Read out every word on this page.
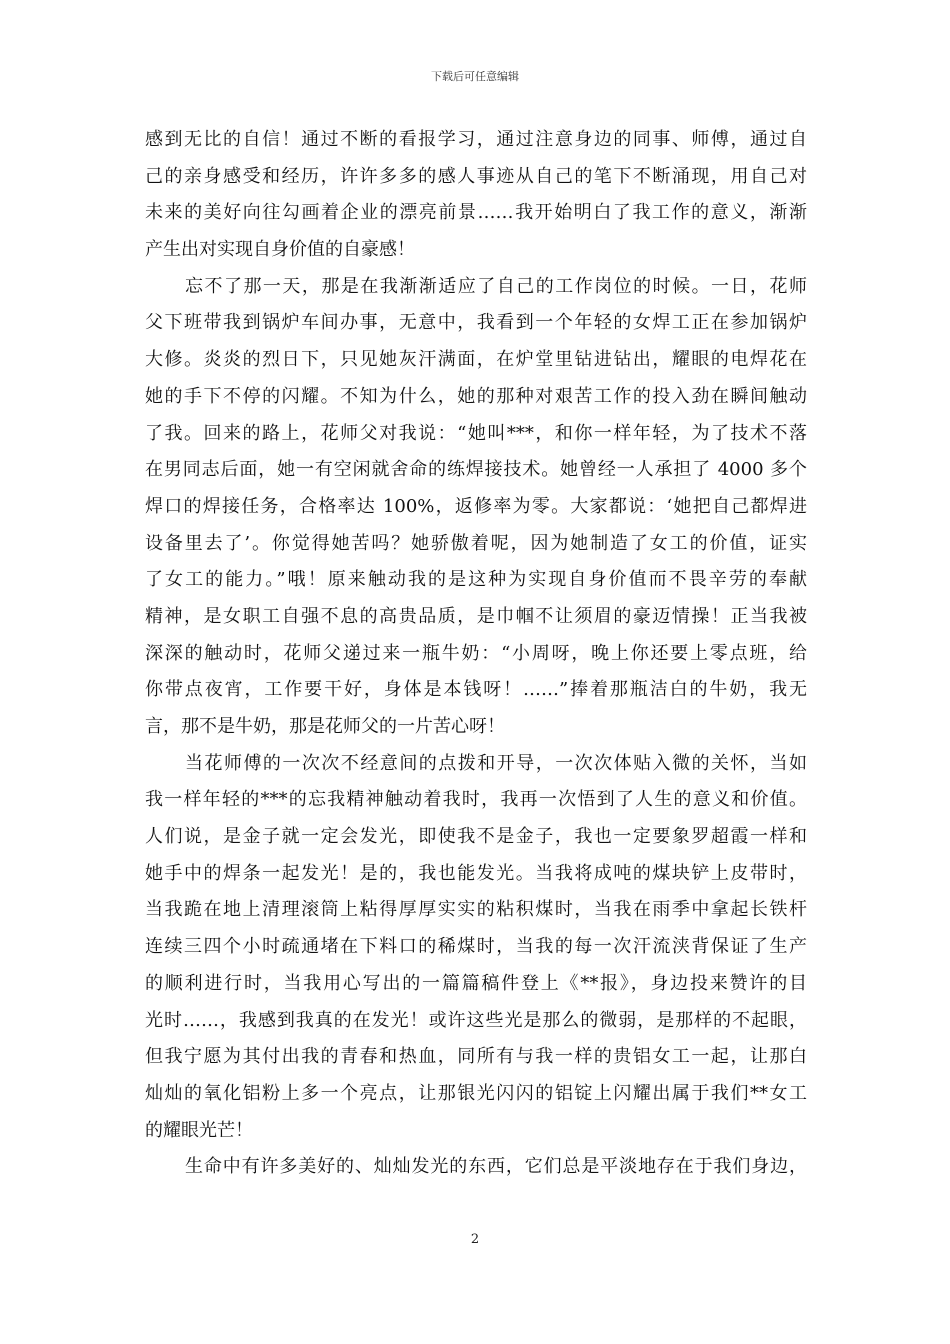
下载后可任意编辑
感到无比的自信！通过不断的看报学习，通过注意身边的同事、师傅，通过自
己的亲身感受和经历，许许多多的感人事迹从自己的笔下不断涌现，用自己对
未来的美好向往勾画着企业的漂亮前景……我开始明白了我工作的意义，渐渐
产生出对实现自身价值的自豪感！
忘不了那一天，那是在我渐渐适应了自己的工作岗位的时候。一日，花师
父下班带我到锅炉车间办事，无意中，我看到一个年轻的女焊工正在参加锅炉
大修。炎炎的烈日下，只见她灰汗满面，在炉堂里钻进钻出，耀眼的电焊花在
她的手下不停的闪耀。不知为什么，她的那种对艰苦工作的投入劲在瞬间触动
了我。回来的路上，花师父对我说：“她叫***，和你一样年轻，为了技术不落
在男同志后面，她一有空闲就舍命的练焊接技术。她曾经一人承担了 4000 多个
焊口的焊接任务，合格率达 100%，返修率为零。大家都说：‘她把自己都焊进
设备里去了’。你觉得她苦吗？她骄傲着呢，因为她制造了女工的价值，证实
了女工的能力。”哦！原来触动我的是这种为实现自身价值而不畏辛劳的奉献
精神，是女职工自强不息的高贵品质，是巾帼不让须眉的豪迈情操！正当我被
深深的触动时，花师父递过来一瓶牛奶：“小周呀，晚上你还要上零点班，给
你带点夜宵，工作要干好，身体是本钱呀！……”捧着那瓶洁白的牛奶，我无
言，那不是牛奶，那是花师父的一片苦心呀！
当花师傅的一次次不经意间的点拨和开导，一次次体贴入微的关怀，当如
我一样年轻的***的忘我精神触动着我时，我再一次悟到了人生的意义和价值。
人们说，是金子就一定会发光，即使我不是金子，我也一定要象罗超霞一样和
她手中的焊条一起发光！是的，我也能发光。当我将成吨的煤块铲上皮带时，
当我跪在地上清理滚筒上粘得厚厚实实的粘积煤时，当我在雨季中拿起长铁杆
连续三四个小时疏通堵在下料口的稀煤时，当我的每一次汗流浃背保证了生产
的顺利进行时，当我用心写出的一篇篇稿件登上《**报》，身边投来赞许的目
光时……，我感到我真的在发光！或许这些光是那么的微弱，是那样的不起眼，
但我宁愿为其付出我的青春和热血，同所有与我一样的贵铝女工一起，让那白
灿灿的氧化铝粉上多一个亮点，让那银光闪闪的铝锭上闪耀出属于我们**女工
的耀眼光芒！
生命中有许多美好的、灿灿发光的东西，它们总是平淡地存在于我们身边，
2
